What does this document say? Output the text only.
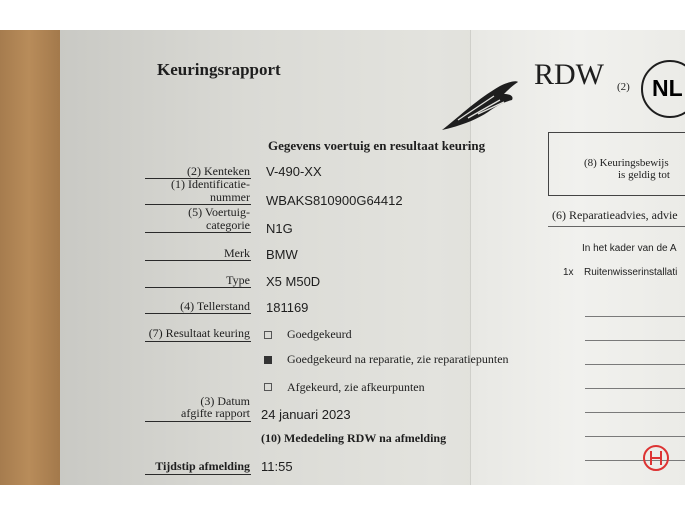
Keuringsrapport	RDW (2) NL
Gegevens voertuig en resultaat keuring
(2) Kenteken V-490-XX
(1) Identificatie-
nummer WBAKS810900G64412
(5) Voertuig-
categorie N1G
Merk BMW
Type X5 M50D
(4) Tellerstand 181169
(7) Resultaat keuring	Goedgekeurd
Goedgekeurd na reparatie, zie reparatiepunten
Afgekeurd, zie afkeurpunten
(3) Datum
afgifte rapport 24 januari 2023
(10) Mededeling RDW na afmelding
Tijdstip afmelding 11:55
(8) Keuringsbewijs
is geldig tot
(6) Reparatieadvies, advie
In het kader van de A
1x Ruitenwisserinstallati
